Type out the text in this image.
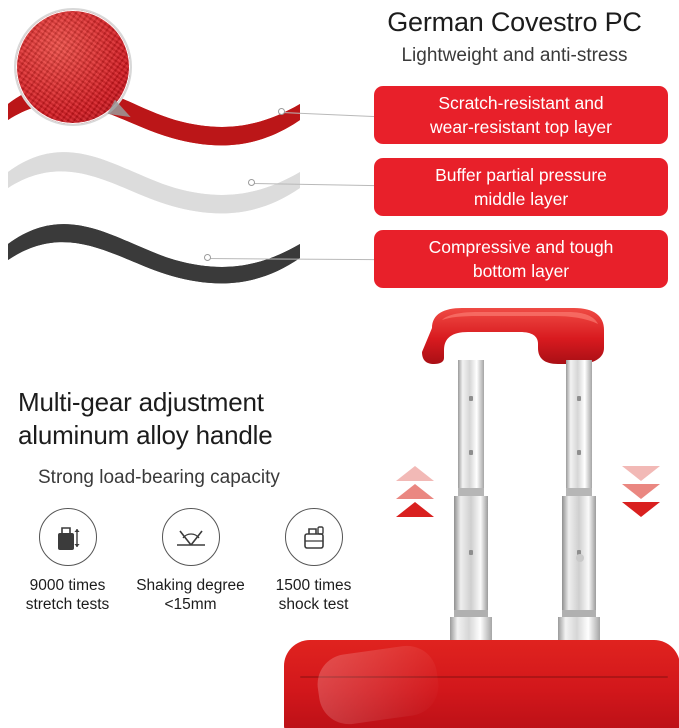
German Covestro PC
Lightweight and anti-stress
Scratch-resistant and
wear-resistant top layer
Buffer partial pressure
middle layer
Compressive and tough
bottom layer
Multi-gear adjustment
aluminum alloy handle
Strong load-bearing capacity
9000 times
stretch tests
Shaking degree
<15mm
1500 times
shock test
